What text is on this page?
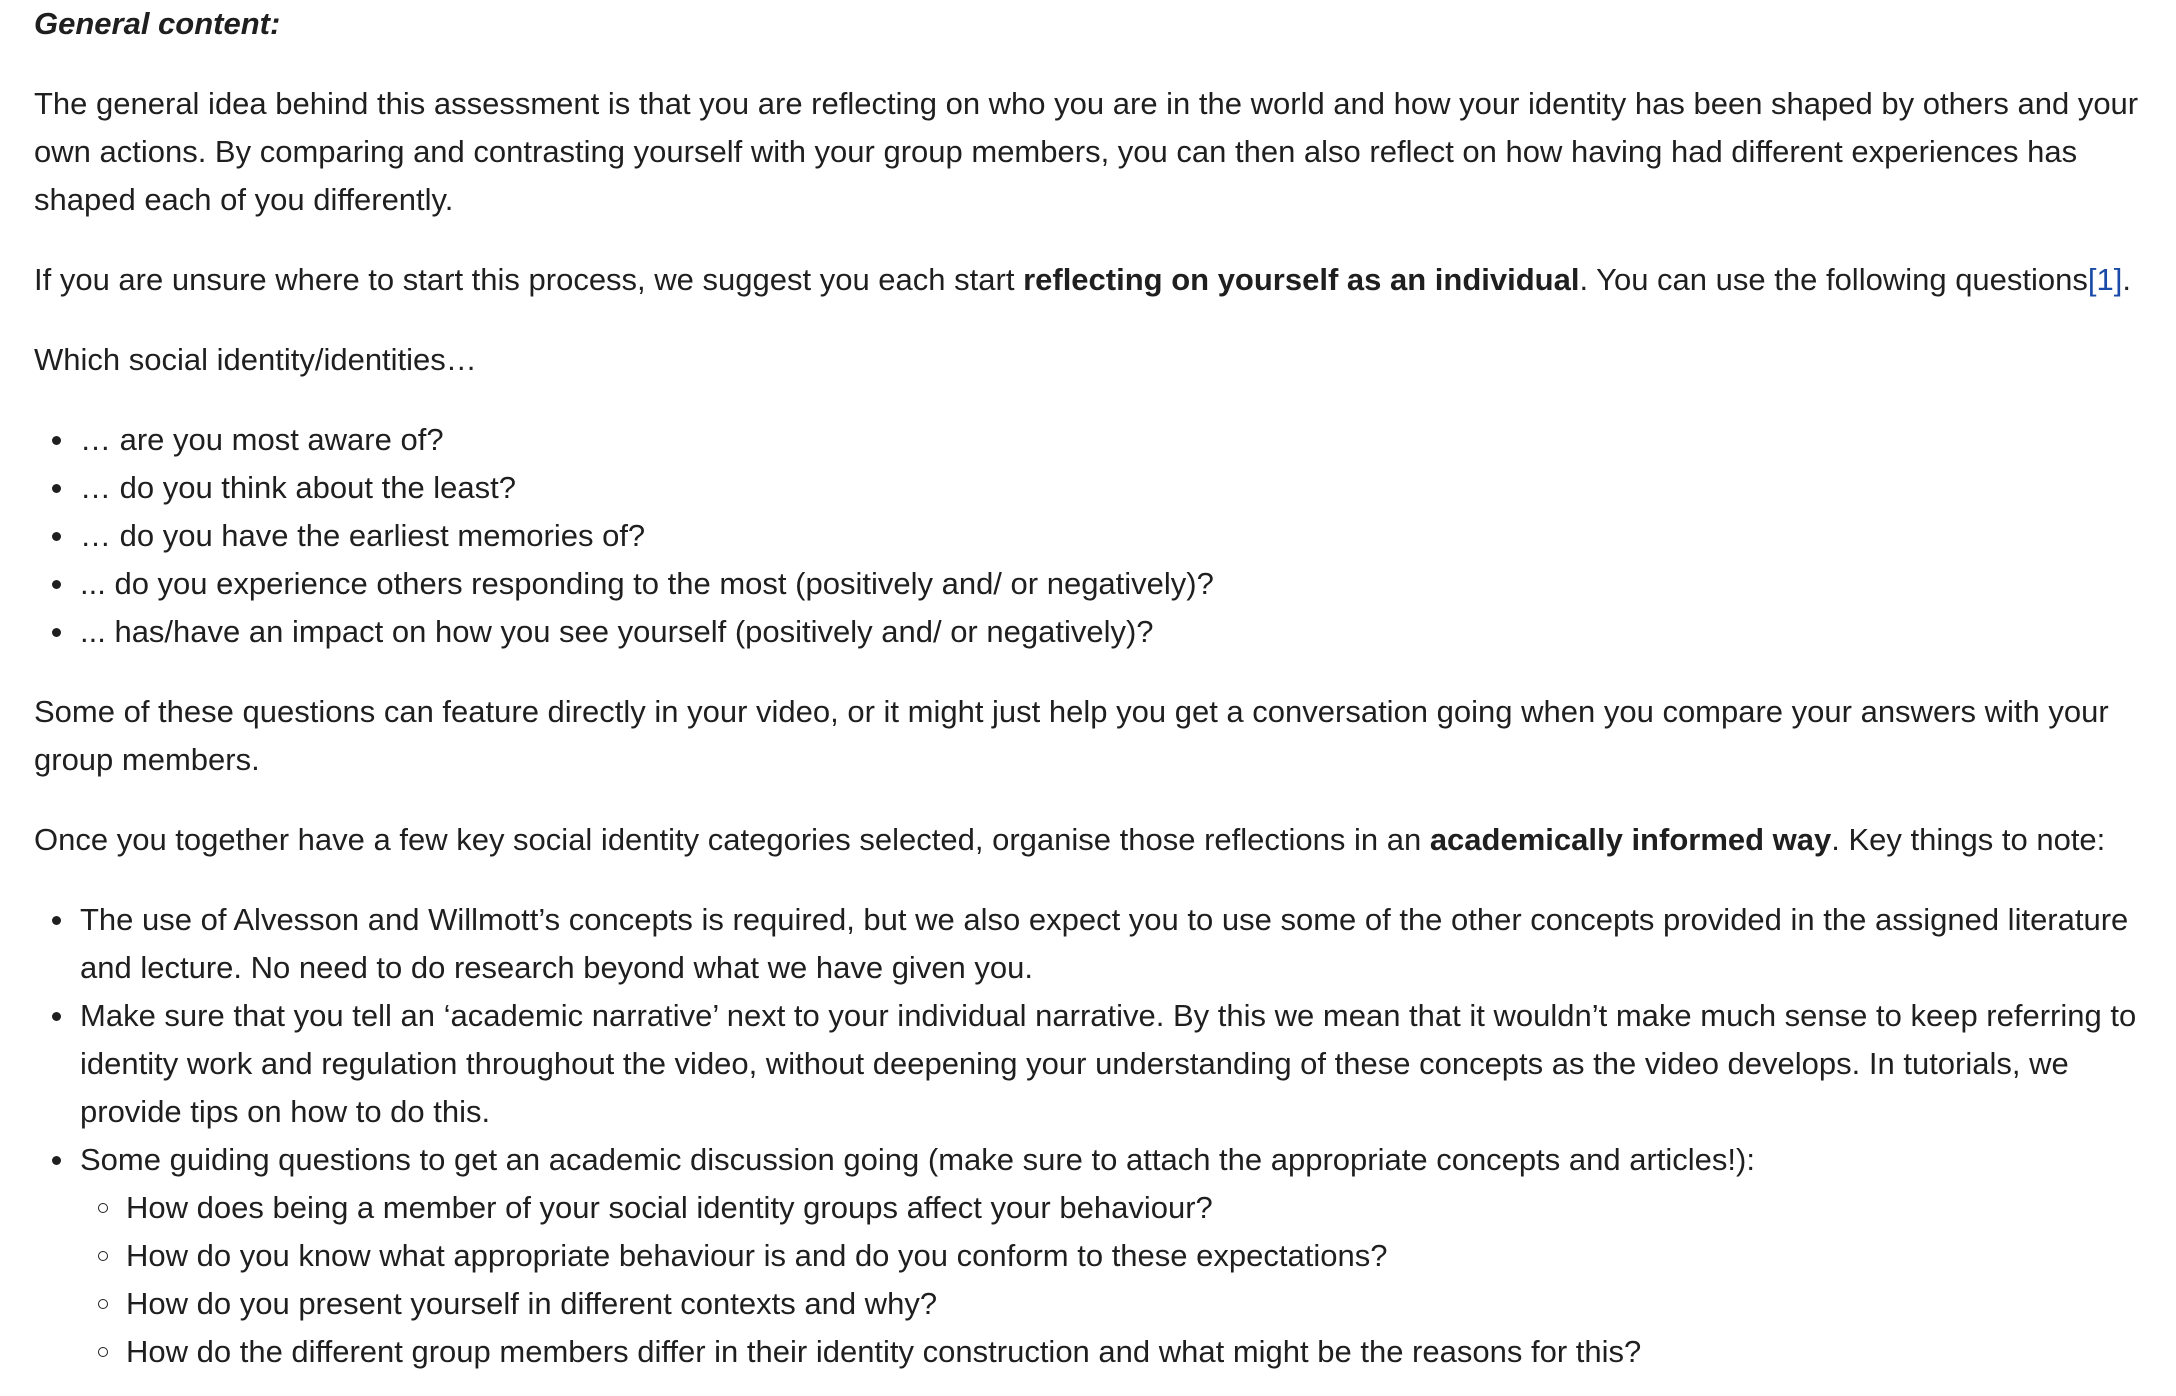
General content:

The general idea behind this assessment is that you are reflecting on who you are in the world and how your identity has been shaped by others and your own actions. By comparing and contrasting yourself with your group members, you can then also reflect on how having had different experiences has shaped each of you differently.

If you are unsure where to start this process, we suggest you each start reflecting on yourself as an individual. You can use the following questions[1].

Which social identity/identities…

… are you most aware of?
… do you think about the least?
… do you have the earliest memories of?
... do you experience others responding to the most (positively and/ or negatively)?
... has/have an impact on how you see yourself (positively and/ or negatively)?

Some of these questions can feature directly in your video, or it might just help you get a conversation going when you compare your answers with your group members.

Once you together have a few key social identity categories selected, organise those reflections in an academically informed way. Key things to note:

The use of Alvesson and Willmott’s concepts is required, but we also expect you to use some of the other concepts provided in the assigned literature and lecture. No need to do research beyond what we have given you.
Make sure that you tell an ‘academic narrative’ next to your individual narrative. By this we mean that it wouldn’t make much sense to keep referring to identity work and regulation throughout the video, without deepening your understanding of these concepts as the video develops. In tutorials, we provide tips on how to do this.
Some guiding questions to get an academic discussion going (make sure to attach the appropriate concepts and articles!):
How does being a member of your social identity groups affect your behaviour?
How do you know what appropriate behaviour is and do you conform to these expectations?
How do you present yourself in different contexts and why?
How do the different group members differ in their identity construction and what might be the reasons for this?
